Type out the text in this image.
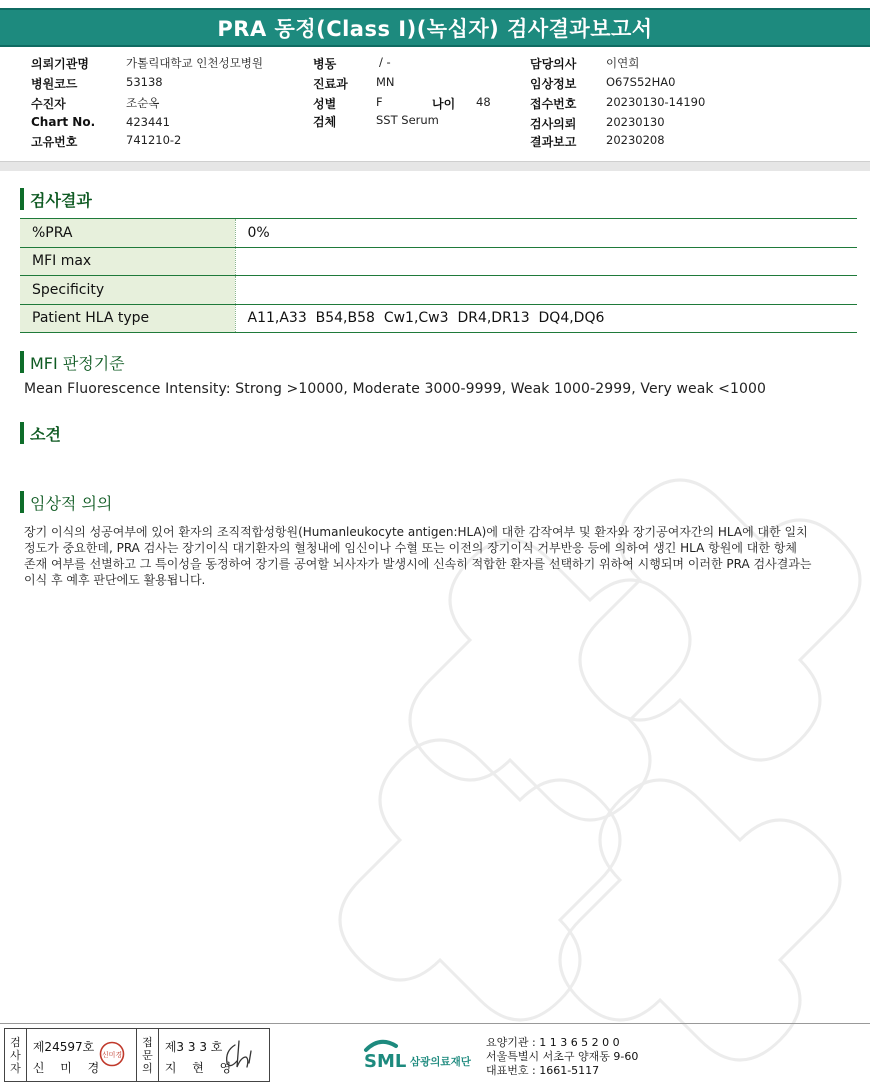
PRA 동정(Class I)(녹십자) 검사결과보고서
의뢰기관명	가톨릭대학교 인천성모병원
병원코드	53138
수진자	조순옥
Chart No.	423441
고유번호	741210-2
병동	/ -
진료과	MN
성별	F	나이	48
검체	SST Serum
담당의사	이연희
임상정보	O67S52HA0
접수번호	20230130-14190
검사의뢰	20230130
결과보고	20230208
검사결과
%PRA	0%
MFI max	
Specificity	
Patient HLA type	A11,A33  B54,B58  Cw1,Cw3  DR4,DR13  DQ4,DQ6
MFI 판정기준
Mean Fluorescence Intensity: Strong >10000, Moderate 3000-9999, Weak 1000-2999, Very weak <1000
소견
임상적 의의

장기 이식의 성공여부에 있어 환자의 조직적합성항원(Humanleukocyte antigen:HLA)에 대한 감작여부 및 환자와 장기공여자간의 HLA에 대한 일치

정도가 중요한데, PRA 검사는 장기이식 대기환자의 혈청내에 임신이나 수혈 또는 이전의 장기이식 거부반응 등에 의하여 생긴 HLA 항원에 대한 항체

존재 여부를 선별하고 그 특이성을 동정하여 장기를 공여할 뇌사자가 발생시에 신속히 적합한 환자를 선택하기 위하여 시행되며 이러한 PRA 검사결과는

이식 후 예후 판단에도 활용됩니다.

검
사
자
제24597호
신 미 경
신미경
접
문
의
제3 3 3 호
지 현 영	SML 삼광의료재단
요양기관 : 1 1 3 6 5 2 0 0
서울특별시 서초구 양재동 9-60
대표번호 : 1661-5117
